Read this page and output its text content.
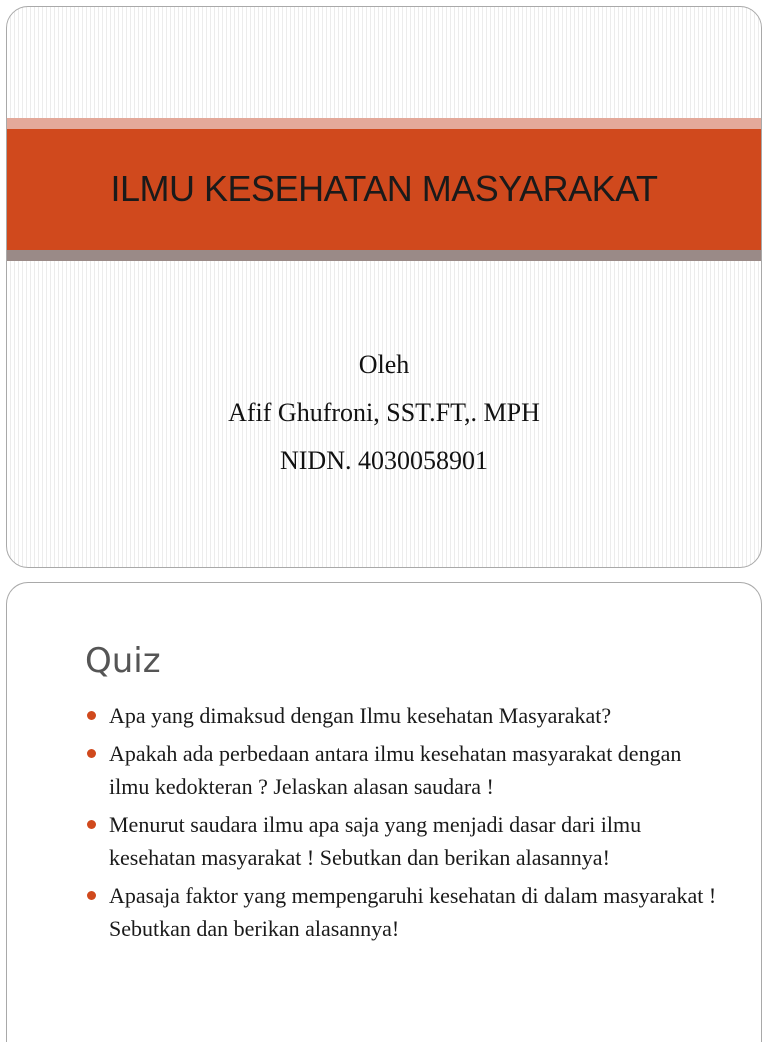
ILMU KESEHATAN MASYARAKAT
Oleh
Afif Ghufroni, SST.FT,. MPH
NIDN. 4030058901
Quiz
Apa yang dimaksud dengan Ilmu kesehatan Masyarakat?
Apakah ada perbedaan antara ilmu kesehatan masyarakat dengan ilmu kedokteran ? Jelaskan alasan saudara !
Menurut saudara ilmu apa saja yang menjadi dasar dari ilmu kesehatan masyarakat ! Sebutkan dan berikan alasannya!
Apasaja faktor yang mempengaruhi kesehatan di dalam masyarakat ! Sebutkan dan berikan alasannya!
